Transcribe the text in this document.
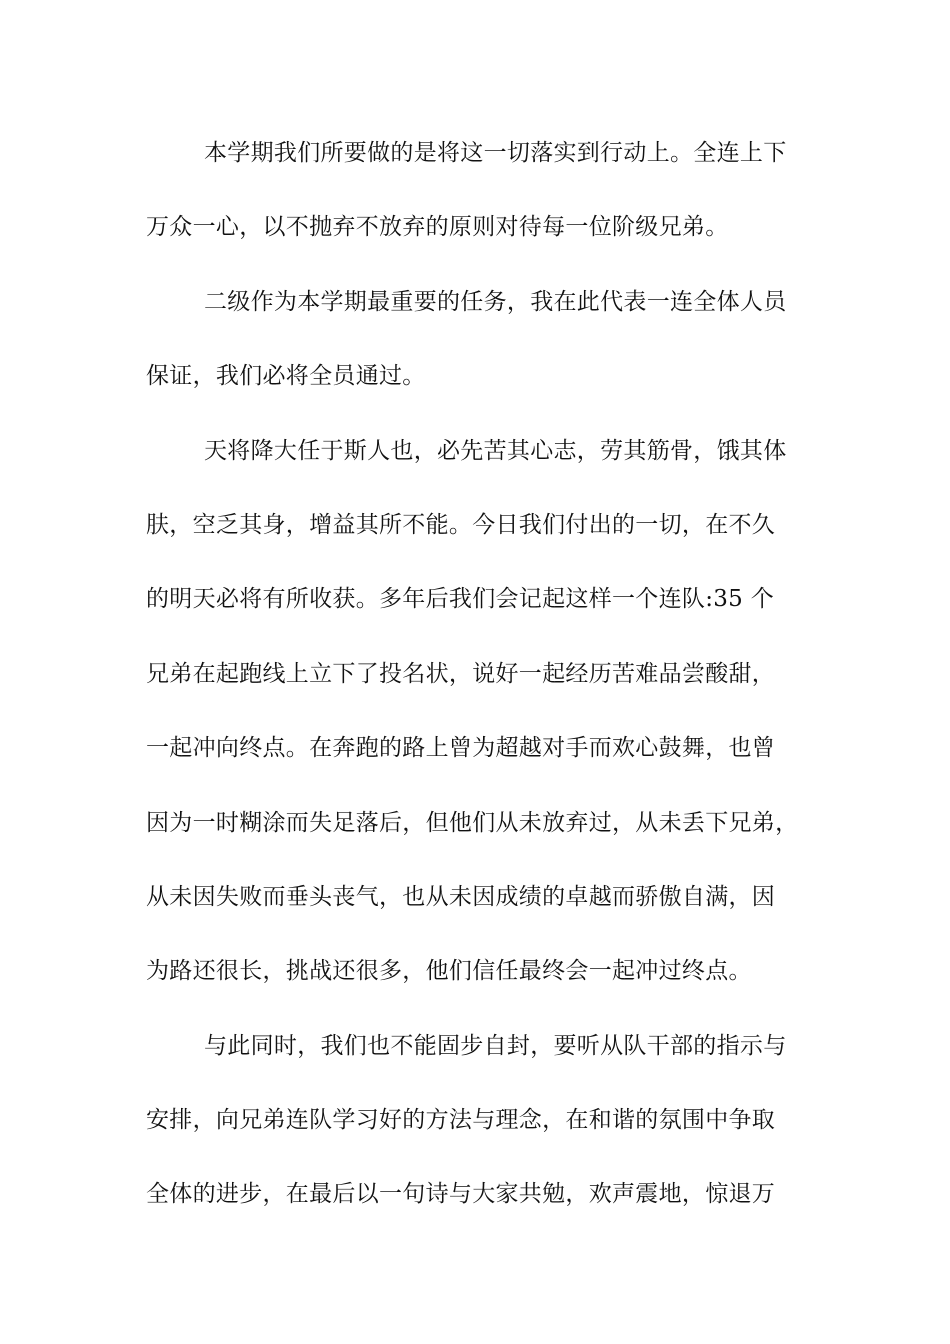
本学期我们所要做的是将这一切落实到行动上。全连上下
万众一心，以不抛弃不放弃的原则对待每一位阶级兄弟。
二级作为本学期最重要的任务，我在此代表一连全体人员
保证，我们必将全员通过。
天将降大任于斯人也，必先苦其心志，劳其筋骨，饿其体
肤，空乏其身，增益其所不能。今日我们付出的一切，在不久
的明天必将有所收获。多年后我们会记起这样一个连队:35 个
兄弟在起跑线上立下了投名状，说好一起经历苦难品尝酸甜，
一起冲向终点。在奔跑的路上曾为超越对手而欢心鼓舞，也曾
因为一时糊涂而失足落后，但他们从未放弃过，从未丢下兄弟，
从未因失败而垂头丧气，也从未因成绩的卓越而骄傲自满，因
为路还很长，挑战还很多，他们信任最终会一起冲过终点。
与此同时，我们也不能固步自封，要听从队干部的指示与
安排，向兄弟连队学习好的方法与理念，在和谐的氛围中争取
全体的进步，在最后以一句诗与大家共勉，欢声震地，惊退万
